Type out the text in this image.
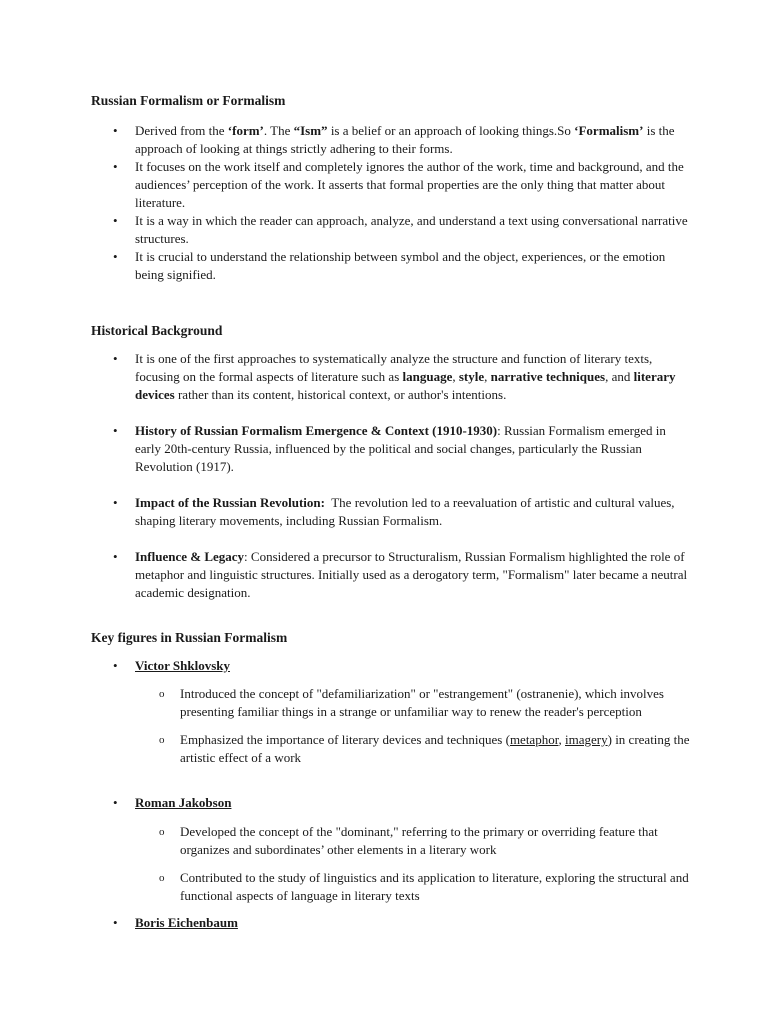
Russian Formalism or Formalism
• Derived from the ‘form’. The “Ism” is a belief or an approach of looking things.So ‘Formalism’ is the approach of looking at things strictly adhering to their forms.
• It focuses on the work itself and completely ignores the author of the work, time and background, and the audiences’ perception of the work. It asserts that formal properties are the only thing that matter about literature.
• It is a way in which the reader can approach, analyze, and understand a text using conversational narrative structures.
• It is crucial to understand the relationship between symbol and the object, experiences, or the emotion being signified.
Historical Background
• It is one of the first approaches to systematically analyze the structure and function of literary texts, focusing on the formal aspects of literature such as language, style, narrative techniques, and literary devices rather than its content, historical context, or author's intentions.
• History of Russian Formalism Emergence & Context (1910-1930): Russian Formalism emerged in early 20th-century Russia, influenced by the political and social changes, particularly the Russian Revolution (1917).
• Impact of the Russian Revolution:  The revolution led to a reevaluation of artistic and cultural values, shaping literary movements, including Russian Formalism.
• Influence & Legacy: Considered a precursor to Structuralism, Russian Formalism highlighted the role of metaphor and linguistic structures. Initially used as a derogatory term, "Formalism" later became a neutral academic designation.
Key figures in Russian Formalism
• Victor Shklovsky
o Introduced the concept of "defamiliarization" or "estrangement" (ostranenie), which involves presenting familiar things in a strange or unfamiliar way to renew the reader's perception
o Emphasized the importance of literary devices and techniques (metaphor, imagery) in creating the artistic effect of a work
• Roman Jakobson
o Developed the concept of the "dominant," referring to the primary or overriding feature that organizes and subordinates’ other elements in a literary work
o Contributed to the study of linguistics and its application to literature, exploring the structural and functional aspects of language in literary texts
• Boris Eichenbaum
